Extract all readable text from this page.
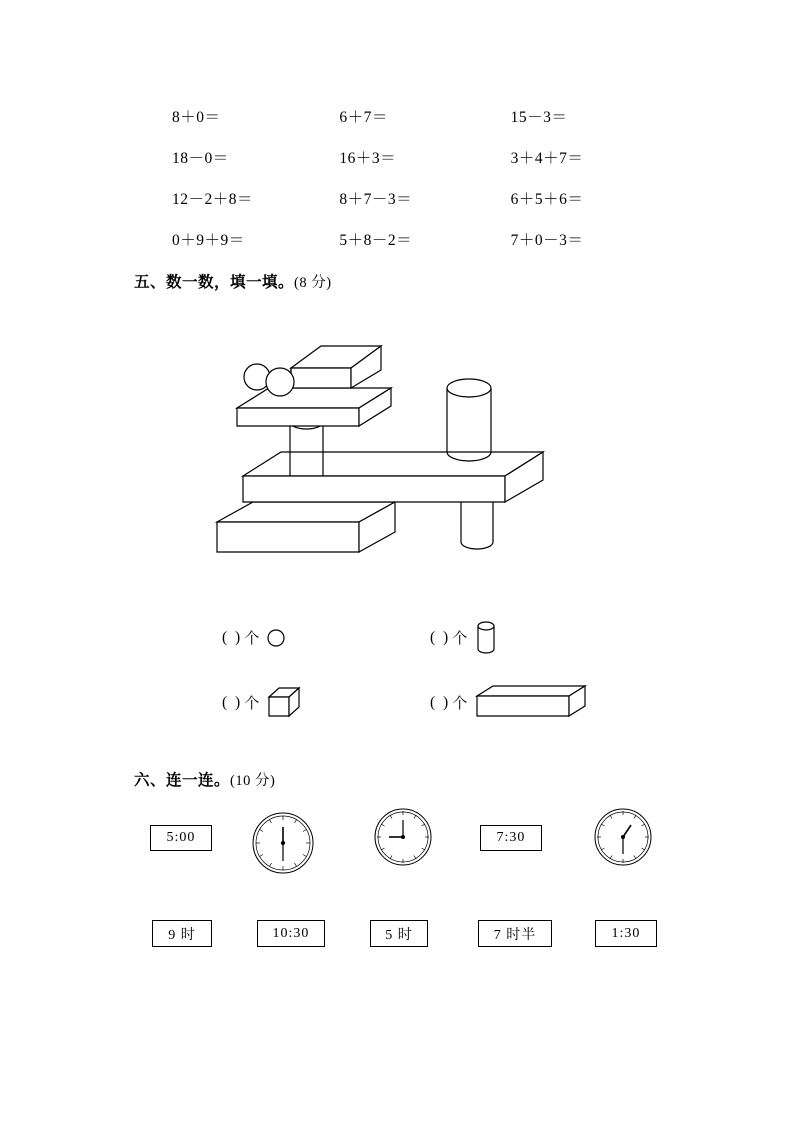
8＋0＝	6＋7＝	15－3＝
18－0＝	16＋3＝	3＋4＋7＝
12－2＋8＝	8＋7－3＝	6＋5＋6＝
0＋9＋9＝	5＋8－2＝	7＋0－3＝
五、数一数，填一填。(8 分)
( ) 个	( ) 个
( ) 个	( ) 个
六、连一连。(10 分)
5:00	7:30
9 时	10:30	5 时	7 时半	1:30
